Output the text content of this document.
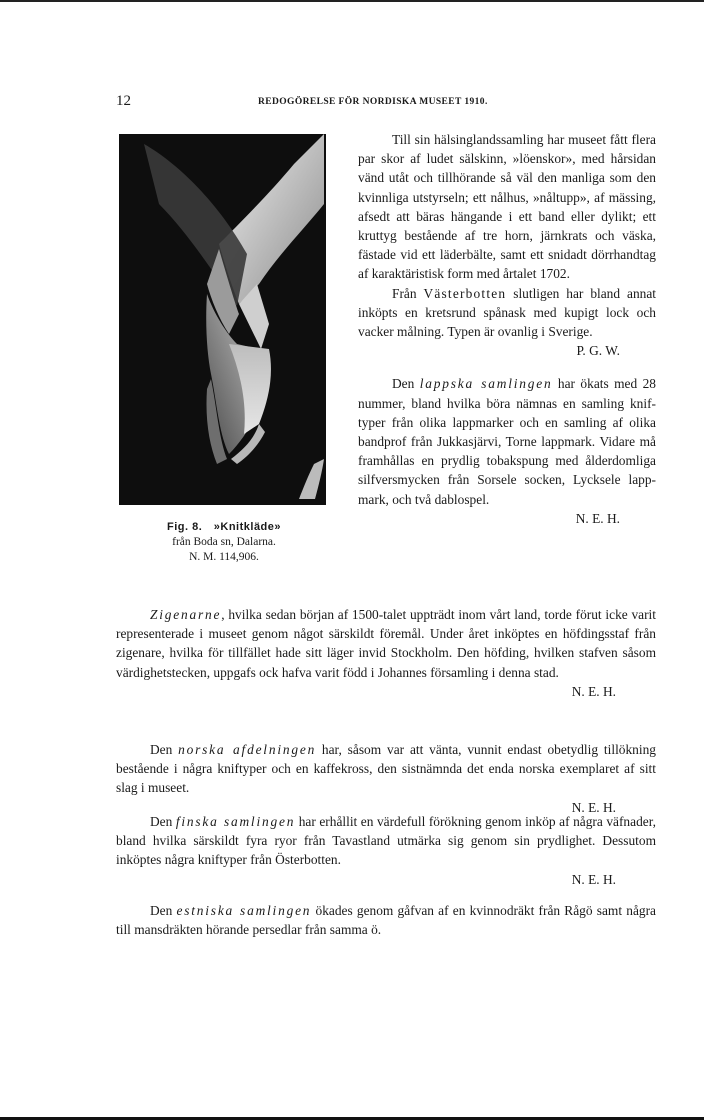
12	REDOGÖRELSE FÖR NORDISKA MUSEET 1910.
Fig. 8. »Knitkläde»
från Boda sn, Dalarna.
N. M. 114,906.

Till sin hälsinglandssamling har museet fått flera par skor af ludet sälskinn, »löenskor», med hårsidan vänd utåt och tillhörande så väl den manliga som den kvinnliga utstyrseln; ett nålhus, »nåltupp», af mässing, afsedt att bäras hängande i ett band eller dylikt; ett kruttyg bestående af tre horn, järnkrats och väska, fästade vid ett läderbälte, samt ett snidadt dörrhandtag af karaktäristisk form med årtalet 1702.

Från Västerbotten slutligen har bland annat inköpts en kretsrund spånask med kupigt lock och vacker målning. Typen är ovanlig i Sverige.
P. G. W.

Den lappska samlingen har ökats med 28 nummer, bland hvilka böra nämnas en samling kniftyper från olika lappmarker och en samling af olika bandprof från Jukkasjärvi, Torne lappmark. Vidare må framhållas en prydlig tobakspung med ålderdomliga silfversmycken från Sorsele socken, Lycksele lappmark, och två dablospel.
N. E. H.

Zigenarne, hvilka sedan början af 1500-talet uppträdt inom vårt land, torde förut icke varit representerade i museet genom något särskildt föremål. Under året inköptes en höfdingsstaf från zigenare, hvilka för tillfället hade sitt läger invid Stockholm. Den höfding, hvilken stafven såsom värdighetstecken, uppgafs ock hafva varit född i Johannes församling i denna stad.
N. E. H.

Den norska afdelningen har, såsom var att vänta, vunnit endast obetydlig tillökning bestående i några kniftyper och en kaffekross, den sistnämnda det enda norska exemplaret af sitt slag i museet.
N. E. H.

Den finska samlingen har erhållit en värdefull förökning genom inköp af några väfnader, bland hvilka särskildt fyra ryor från Tavastland utmärka sig genom sin prydlighet. Dessutom inköptes några kniftyper från Österbotten.
N. E. H.

Den estniska samlingen ökades genom gåfvan af en kvinnodräkt från Rågö samt några till mansdräkten hörande persedlar från samma ö.
